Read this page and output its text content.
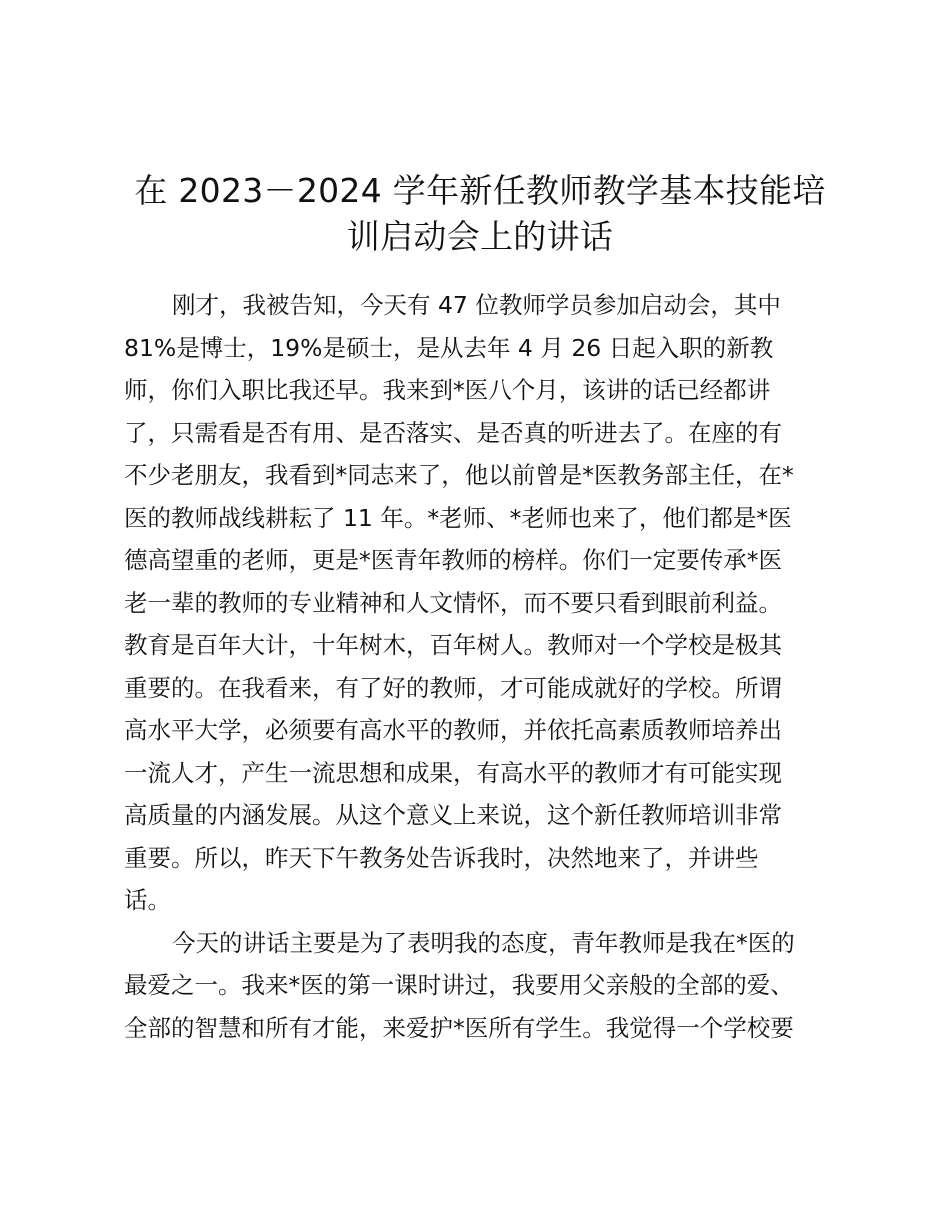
在 2023－2024 学年新任教师教学基本技能培
训启动会上的讲话
刚才，我被告知，今天有 47 位教师学员参加启动会，其中
81%是博士，19%是硕士，是从去年 4 月 26 日起入职的新教
师，你们入职比我还早。我来到*医八个月，该讲的话已经都讲
了，只需看是否有用、是否落实、是否真的听进去了。在座的有
不少老朋友，我看到*同志来了，他以前曾是*医教务部主任，在*
医的教师战线耕耘了 11 年。*老师、*老师也来了，他们都是*医
德高望重的老师，更是*医青年教师的榜样。你们一定要传承*医
老一辈的教师的专业精神和人文情怀，而不要只看到眼前利益。
教育是百年大计，十年树木，百年树人。教师对一个学校是极其
重要的。在我看来，有了好的教师，才可能成就好的学校。所谓
高水平大学，必须要有高水平的教师，并依托高素质教师培养出
一流人才，产生一流思想和成果，有高水平的教师才有可能实现
高质量的内涵发展。从这个意义上来说，这个新任教师培训非常
重要。所以，昨天下午教务处告诉我时，决然地来了，并讲些
话。
今天的讲话主要是为了表明我的态度，青年教师是我在*医的
最爱之一。我来*医的第一课时讲过，我要用父亲般的全部的爱、
全部的智慧和所有才能，来爱护*医所有学生。我觉得一个学校要
